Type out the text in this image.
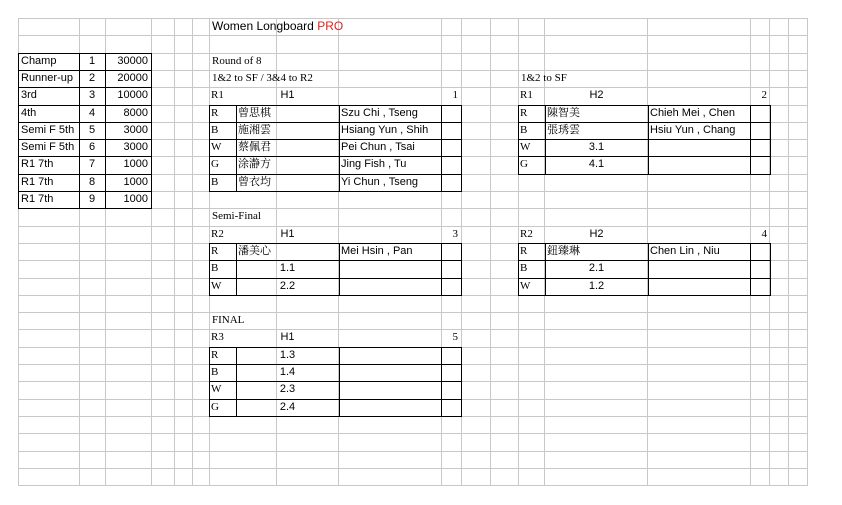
Women Longboard PRO
Champ	1	30000
Runner-up	2	20000
3rd	3	10000
4th	4	8000
Semi F 5th	5	3000
Semi F 5th	6	3000
R1 7th	7	1000
R1 7th	8	1000
R1 7th	9	1000
Round of 8
1&2 to SF / 3&4 to R2	1&2 to SF
Semi-Final
FINAL
R1	H1	1
R	曾思棋	Szu Chi , Tseng
B	施湘雲	Hsiang Yun , Shih
W	蔡佩君	Pei Chun , Tsai
G	涂瀞方	Jing Fish , Tu
B	曾衣均	Yi Chun , Tseng
R1	H2	2
R	陳智美	Chieh Mei , Chen
B	張琇雲	Hsiu Yun , Chang
W	3.1
G	4.1
R2	H1	3
R	潘美心	Mei Hsin , Pan
B	1.1
W	2.2
R2	H2	4
R	鈕臻琳	Chen Lin , Niu
B	2.1
W	1.2
R3	H1	5
R	1.3
B	1.4
W	2.3
G	2.4
